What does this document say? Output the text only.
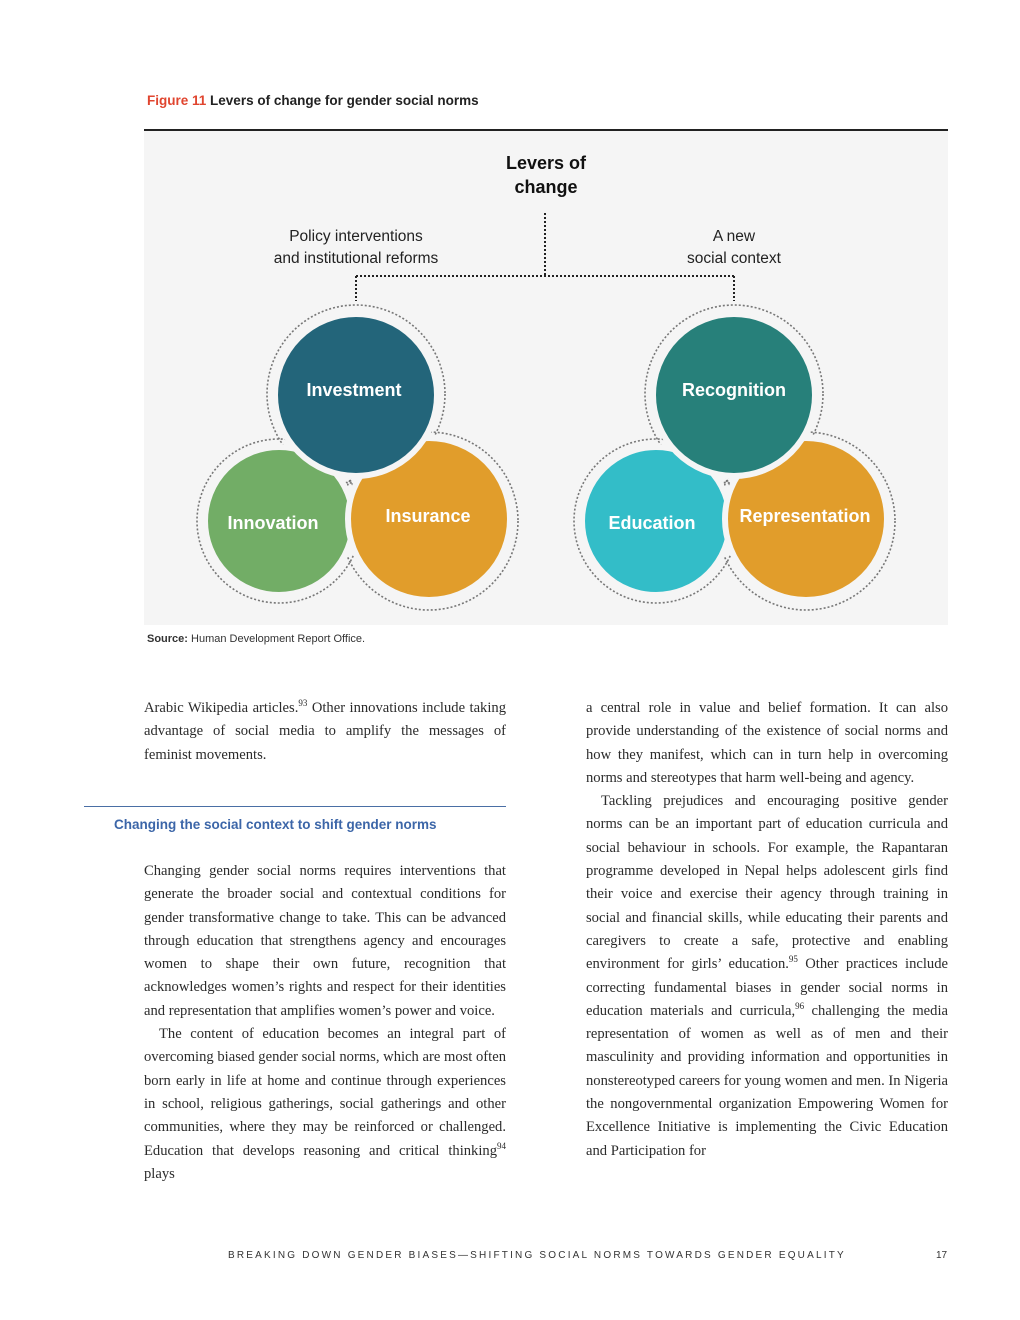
Figure 11 Levers of change for gender social norms
Levers of
change
Policy interventions
and institutional reforms
A new
social context
Investment
Innovation	Insurance
Recognition
Education Representation
Source: Human Development Report Office.

Arabic Wikipedia articles.$^{93}$ Other innovations include taking advantage of social media to amplify the messages of feminist movements.

Changing the social context to shift gender norms

Changing gender social norms requires interventions that generate the broader social and contextual conditions for gender transformative change to take. This can be advanced through education that strengthens agency and encourages women to shape their own future, recognition that acknowledges women’s rights and respect for their identities and representation that amplifies women’s power and voice.

The content of education becomes an integral part of overcoming biased gender social norms, which are most often born early in life at home and continue through experiences in school, religious gatherings, social gatherings and other communities, where they may be reinforced or challenged. Education that develops reasoning and critical thinking$^{94}$ plays

a central role in value and belief formation. It can also provide understanding of the existence of social norms and how they manifest, which can in turn help in overcoming norms and stereotypes that harm well-being and agency.

Tackling prejudices and encouraging positive gender norms can be an important part of education curricula and social behaviour in schools. For example, the Rapantaran programme developed in Nepal helps adolescent girls find their voice and exercise their agency through training in social and financial skills, while educating their parents and caregivers to create a safe, protective and enabling environment for girls’ education.$^{95}$ Other practices include correcting fundamental biases in gender social norms in education materials and curricula,$^{96}$ challenging the media representation of women as well as of men and their masculinity and providing information and opportunities in nonstereotyped careers for young women and men. In Nigeria the nongovernmental organization Empowering Women for Excellence Initiative is implementing the Civic Education and Participation for

BREAKING DOWN GENDER BIASES—SHIFTING SOCIAL NORMS TOWARDS GENDER EQUALITY	17
